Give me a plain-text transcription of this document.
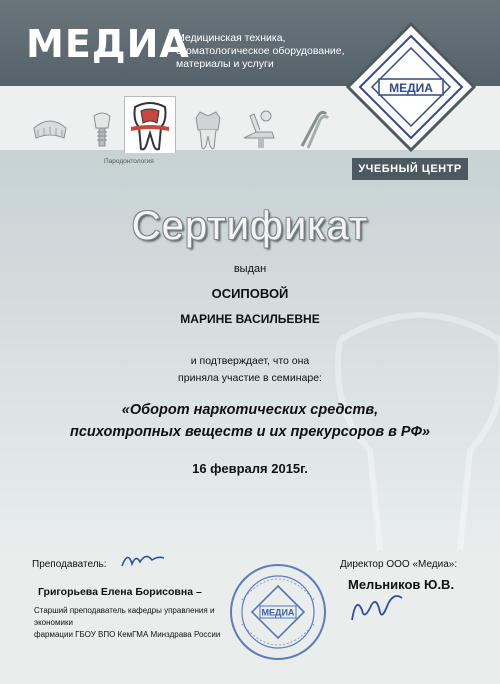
МЕДИА
Медицинская техника,
стоматологическое оборудование,
материалы и услуги
МЕДИА
Пародонтология
УЧЕБНЫЙ ЦЕНТР
Сертификат
выдан
ОСИПОВОЙ
МАРИНЕ ВАСИЛЬЕВНЕ
и подтверждает, что она
приняла участие в семинаре:
«Оборот наркотических средств,
психотропных веществ и их прекурсоров в РФ»
16 февраля 2015г.
Преподаватель:
Григорьева Елена Борисовна –
Старший преподаватель кафедры управления и экономики
фармации ГБОУ ВПО КемГМА Минздрава России
МЕДИА
Директор ООО «Медиа»:
Мельников Ю.В.
